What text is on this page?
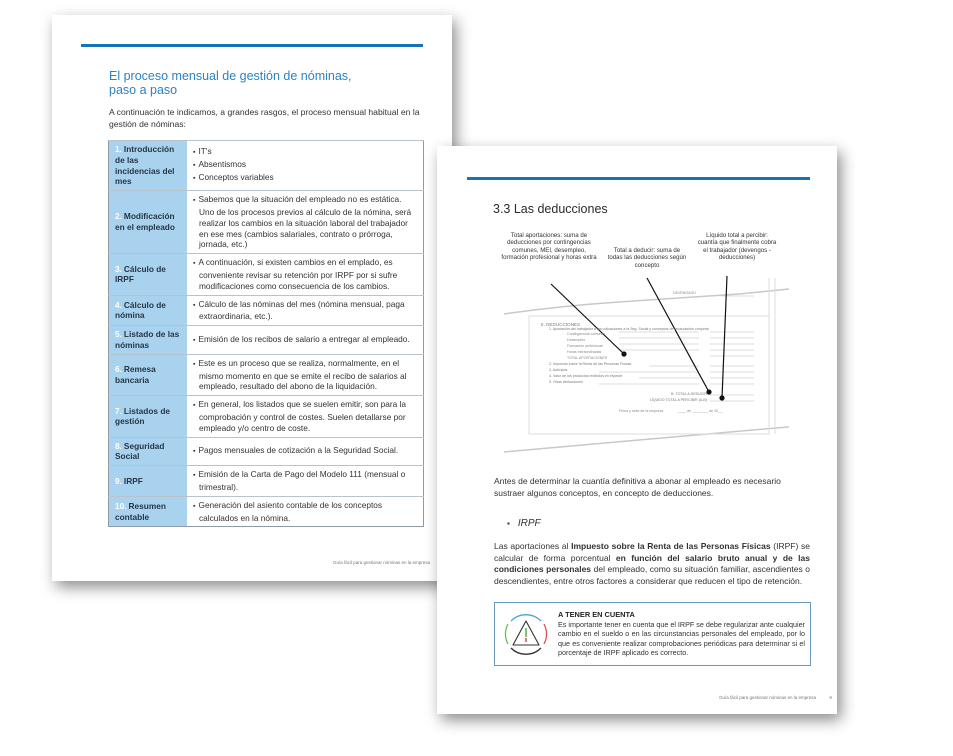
El proceso mensual de gestión de nóminas,
paso a paso
A continuación te indicamos, a grandes rasgos, el proceso mensual habitual en la gestión de nóminas:
1. Introducción de las incidencias del mes	▪ IT's
▪ Absentismos
▪ Conceptos variables

2. Modificación en el empleado	▪ Sabemos que la situación del empleado no es estática. Uno de los procesos previos al cálculo de la nómina, será realizar los cambios en la situación laboral del trabajador en ese mes (cambios salariales, contrato o prórroga, jornada, etc.)

3. Cálculo de IRPF	▪ A continuación, si existen cambios en el emplado, es conveniente revisar su retención por IRPF por si sufre modificaciones como consecuencia de los cambios.

4. Cálculo de nómina	▪ Cálculo de las nóminas del mes (nómina mensual, paga extraordinaria, etc.).

5. Listado de las nóminas	▪ Emisión de los recibos de salario a entregar al empleado.

6. Remesa bancaria	▪ Este es un proceso que se realiza, normalmente, en el mismo momento en que se emite el recibo de salarios al empleado, resultado del abono de la liquidación.

7. Listados de gestión	▪ En general, los listados que se suelen emitir, son para la comprobación y control de costes. Suelen detallarse por empleado y/o centro de coste.

8. Seguridad Social	▪ Pagos mensuales de cotización a la Seguridad Social.

9. IRPF	▪ Emisión de la Carta de Pago del Modelo 111 (mensual o trimestral).

10. Resumen contable	▪ Generación del asiento contable de los conceptos calculados en la nómina.
Guía fácil para gestionar nóminas en la empresa
3.3 Las deducciones
Total aportaciones: suma de deducciones por contingencias comunes, MEI, desempleo, formación profesional y horas extra
Total a deducir: suma de todas las deducciones según concepto
Líquido total a percibir: cuantía que finalmente cobra el trabajador (devengos - deducciones)
DEVENGADO
II. DEDUCCIONES
1. Aportación del trabajador a las cotizaciones a la Seg. Social y conceptos de recaudación conjunta
Contingencias comunes
Desempleo
Formación profesional
Horas extraordinarias
TOTAL APORTACIONES
2. Impuesto sobre la Renta de las Personas Físicas
3. Anticipos
4. Valor de los productos recibidos en especie
5. Otras deducciones
B. TOTAL A DEDUCIR
LÍQUIDO TOTAL A PERCIBIR (A-B)
Firma y sello de la empresa	____ de ________ de 20__
Antes de determinar la cuantía definitiva a abonar al empleado es necesario sustraer algunos conceptos, en concepto de deducciones.
▪ IRPF
Las aportaciones al Impuesto sobre la Renta de las Personas Físicas (IRPF) se calcular de forma porcentual en función del salario bruto anual y de las condiciones personales del empleado, como su situación familiar, ascendientes o descendientes, entre otros factores a considerar que reducen el tipo de retención.
A TENER EN CUENTA
Es importante tener en cuenta que el IRPF se debe regularizar ante cualquier cambio en el sueldo o en las circunstancias personales del empleado, por lo que es conveniente realizar comprobaciones periódicas para determinar si el porcentaje de IRPF aplicado es correcto.
Guía fácil para gestionar nóminas en la empresa	9
